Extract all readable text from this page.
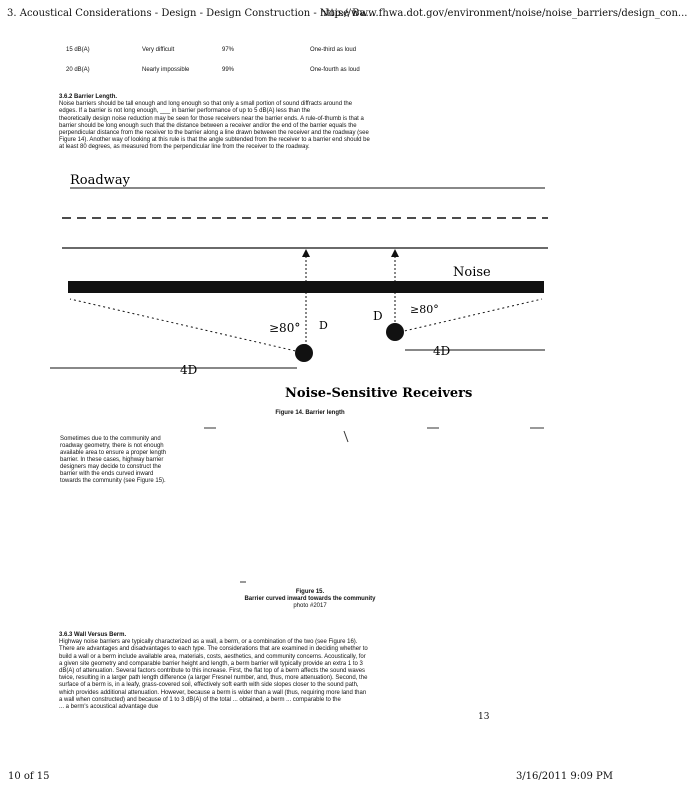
3. Acoustical Considerations - Design - Design Construction - Noise Ba...
http://www.fhwa.dot.gov/environment/noise/noise_barriers/design_con...
15 dB(A)	Very difficult	97%	One-third as loud
20 dB(A)	Nearly impossible	99%	One-fourth as loud

3.6.2 Barrier Length.

Noise barriers should be tall enough and long enough so that only a small portion of sound diffracts around the

edges. If a barrier is not long enough, ___ in barrier performance of up to 5 dB(A) less than the

theoretically design noise reduction may be seen for those receivers near the barrier ends. A rule-of-thumb is that a

barrier should be long enough such that the distance between a receiver and/or the end of the barrier equals the

perpendicular distance from the receiver to the barrier along a line drawn between the receiver and the roadway (see

Figure 14). Another way of looking at this rule is that the angle subtended from the receiver to a barrier end should be

at least 80 degrees, as measured from the perpendicular line from the receiver to the roadway.

Roadway
Noise
≥80°
≥80°
D
D
4D
4D
Noise-Sensitive Receivers
Figure 14. Barrier length

Sometimes due to the community and

roadway geometry, there is not enough

available area to ensure a proper length

barrier. In these cases, highway barrier

designers may decide to construct the

barrier with the ends curved inward

towards the community (see Figure 15).

Figure 15.
Barrier curved inward towards the community
photo #2017

3.6.3 Wall Versus Berm.

Highway noise barriers are typically characterized as a wall, a berm, or a combination of the two (see Figure 16).

There are advantages and disadvantages to each type. The considerations that are examined in deciding whether to

build a wall or a berm include available area, materials, costs, aesthetics, and community concerns. Acoustically, for

a given site geometry and comparable barrier height and length, a berm barrier will typically provide an extra 1 to 3

dB(A) of attenuation. Several factors contribute to this increase. First, the flat top of a berm affects the sound waves

twice, resulting in a larger path length difference (a larger Fresnel number, and, thus, more attenuation). Second, the

surface of a berm is, in a leafy, grass-covered soil, effectively soft earth with side slopes closer to the sound path,

which provides additional attenuation. However, because a berm is wider than a wall (thus, requiring more land than

a wall when constructed) and because of 1 to 3 dB(A) of the total ... obtained, a berm ... comparable to the

... a berm's acoustical advantage due

13
10 of 15	3/16/2011 9:09 PM
